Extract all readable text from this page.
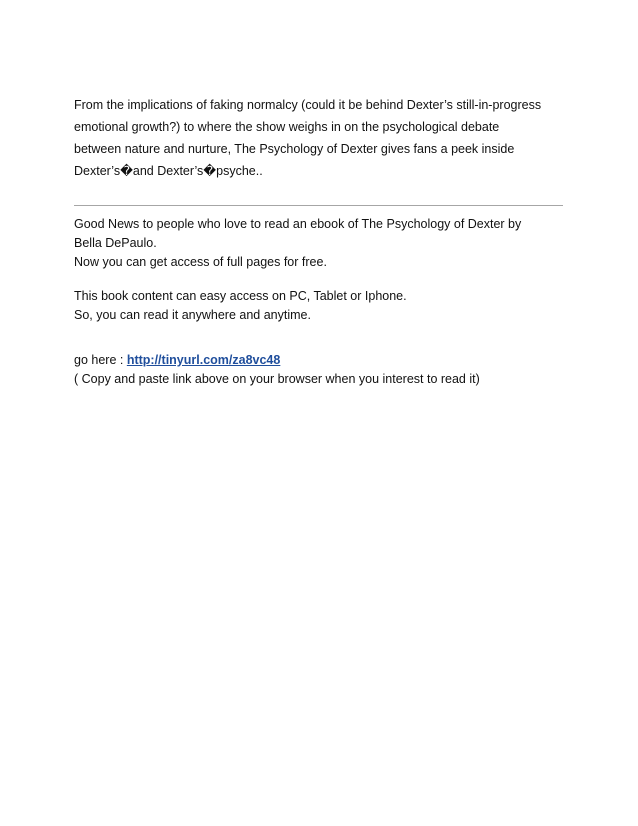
From the implications of faking normalcy (could it be behind Dexter’s still-in-progress
emotional growth?) to where the show weighs in on the psychological debate
between nature and nurture, The Psychology of Dexter gives fans a peek inside
Dexter’s�and Dexter’s�psyche..
Good News to people who love to read an ebook of The Psychology of Dexter by
Bella DePaulo.
Now you can get access of full pages for free.
This book content can easy access on PC, Tablet or Iphone.
So, you can read it anywhere and anytime.
go here : http://tinyurl.com/za8vc48
( Copy and paste link above on your browser when you interest to read it)
